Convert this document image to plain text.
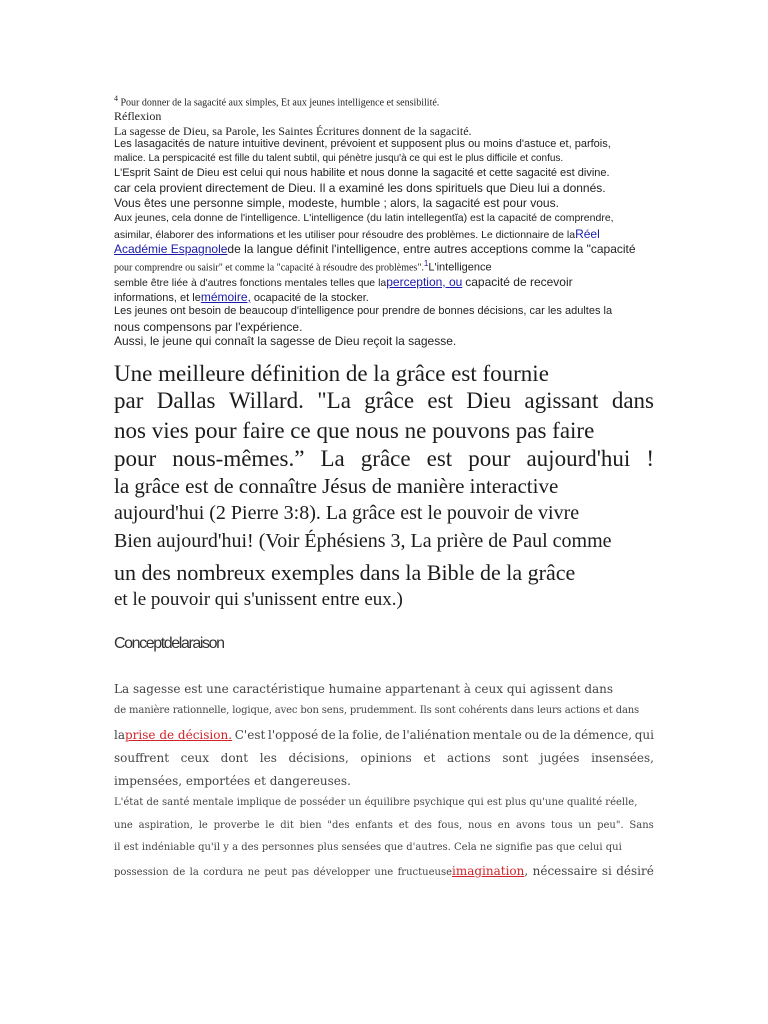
$^4$ Pour donner de la sagacité aux simples, Et aux jeunes intelligence et sensibilité.
Réflexion
La sagesse de Dieu, sa Parole, les Saintes Écritures donnent de la sagacité.
Les lasagacités de nature intuitive devinent, prévoient et supposent plus ou moins d'astuce et, parfois,
malice. La perspicacité est fille du talent subtil, qui pénètre jusqu'à ce qui est le plus difficile et confus.
L'Esprit Saint de Dieu est celui qui nous habilite et nous donne la sagacité et cette sagacité est divine.
car cela provient directement de Dieu. Il a examiné les dons spirituels que Dieu lui a donnés.
Vous êtes une personne simple, modeste, humble ; alors, la sagacité est pour vous.
Aux jeunes, cela donne de l'intelligence. L'intelligence (du latin intellegentĭa) est la capacité de comprendre,
asimilar, élaborer des informations et les utiliser pour résoudre des problèmes. Le dictionnaire de laRéel
Académie Espagnolede la langue définit l'intelligence, entre autres acceptions comme la "capacité
pour comprendre ou saisir" et comme la "capacité à résoudre des problèmes".$^1$L'intelligence
semble être liée à d'autres fonctions mentales telles que laperception, ou capacité de recevoir
informations, et lemémoire, ocapacité de la stocker.
Les jeunes ont besoin de beaucoup d'intelligence pour prendre de bonnes décisions, car les adultes la
nous compensons par l'expérience.
Aussi, le jeune qui connaît la sagesse de Dieu reçoit la sagesse.
Une meilleure définition de la grâce est fournie
par Dallas Willard. "La grâce est Dieu agissant dans
nos vies pour faire ce que nous ne pouvons pas faire
pour nous-mêmes.” La grâce est pour aujourd'hui !
la grâce est de connaître Jésus de manière interactive
aujourd'hui (2 Pierre 3:8). La grâce est le pouvoir de vivre
Bien aujourd'hui! (Voir Éphésiens 3, La prière de Paul comme
un des nombreux exemples dans la Bible de la grâce
et le pouvoir qui s'unissent entre eux.)
Conceptdelaraison
La sagesse est une caractéristique humaine appartenant à ceux qui agissent dans
de manière rationnelle, logique, avec bon sens, prudemment. Ils sont cohérents dans leurs actions et dans
laprise de décision. C'est l'opposé de la folie, de l'aliénation mentale ou de la démence, qui
souffrent ceux dont les décisions, opinions et actions sont jugées insensées,
impensées, emportées et dangereuses.
L'état de santé mentale implique de posséder un équilibre psychique qui est plus qu'une qualité réelle,
une aspiration, le proverbe le dit bien "des enfants et des fous, nous en avons tous un peu". Sans
il est indéniable qu'il y a des personnes plus sensées que d'autres. Cela ne signifie pas que celui qui
possession de la cordura ne peut pas développer une fructueuseimagination, nécessaire si désiré
